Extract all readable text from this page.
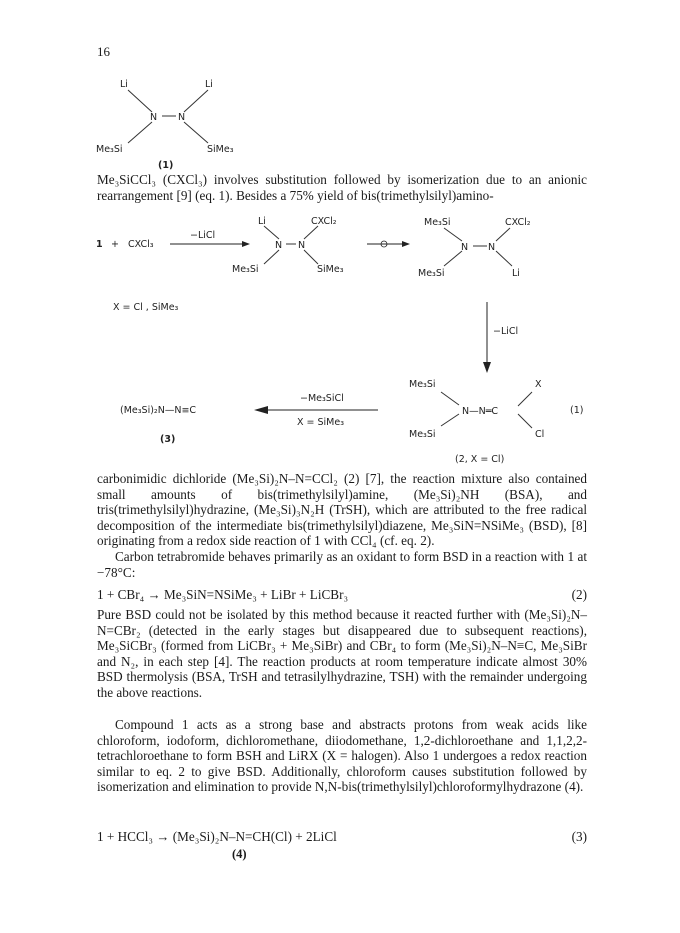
16
Li	Li
N N
Me₃Si	SiMe₃
(1)

Me₃SiCCl₃ (CXCl₃) involves substitution followed by isomerization due to an anionic rearrangement [9] (eq. 1). Besides a 75% yield of bis(trimethylsilyl)amino-

1 + CXCl₃
−LiCl
Li	CXCl₂
N N
Me₃Si	SiMe₃
Me₃Si	CXCl₂
N N
Me₃Si	Li
X = Cl , SiMe₃
−LiCl
Me₃Si	X
N—N═C
Me₃Si	Cl
(1)
(2, X = Cl)
−Me₃SiCl
X = SiMe₃
(Me₃Si)₂N—N≡C
(3)

carbonimidic dichloride (Me₃Si)₂N–N=CCl₂ (2) [7], the reaction mixture also contained small amounts of bis(trimethylsilyl)amine, (Me₃Si)₂NH (BSA), and tris(trimethylsilyl)hydrazine, (Me₃Si)₃N₂H (TrSH), which are attributed to the free radical decomposition of the intermediate bis(trimethylsilyl)diazene, Me₃SiN=NSiMe₃ (BSD), [8] originating from a redox side reaction of 1 with CCl₄ (cf. eq. 2).

Carbon tetrabromide behaves primarily as an oxidant to form BSD in a reaction with 1 at −78°C:

1 + CBr₄ → Me₃SiN=NSiMe₃ + LiBr + LiCBr₃	(2)

Pure BSD could not be isolated by this method because it reacted further with (Me₃Si)₂N–N=CBr₂ (detected in the early stages but disappeared due to subsequent reactions), Me₃SiCBr₃ (formed from LiCBr₃ + Me₃SiBr) and CBr₄ to form (Me₃Si)₂N–N≡C, Me₃SiBr and N₂, in each step [4]. The reaction products at room temperature indicate almost 30% BSD thermolysis (BSA, TrSH and tetrasilylhydrazine, TSH) with the remainder undergoing the above reactions.

Compound 1 acts as a strong base and abstracts protons from weak acids like chloroform, iodoform, dichloromethane, diiodomethane, 1,2-dichloroethane and 1,1,2,2-tetrachloroethane to form BSH and LiRX (X = halogen). Also 1 undergoes a redox reaction similar to eq. 2 to give BSD. Additionally, chloroform causes substitution followed by isomerization and elimination to provide N,N-bis(trimethylsilyl)chloroformylhydrazone (4).

1 + HCCl₃ → (Me₃Si)₂N–N=CH(Cl) + 2LiCl	(3)
(4)
